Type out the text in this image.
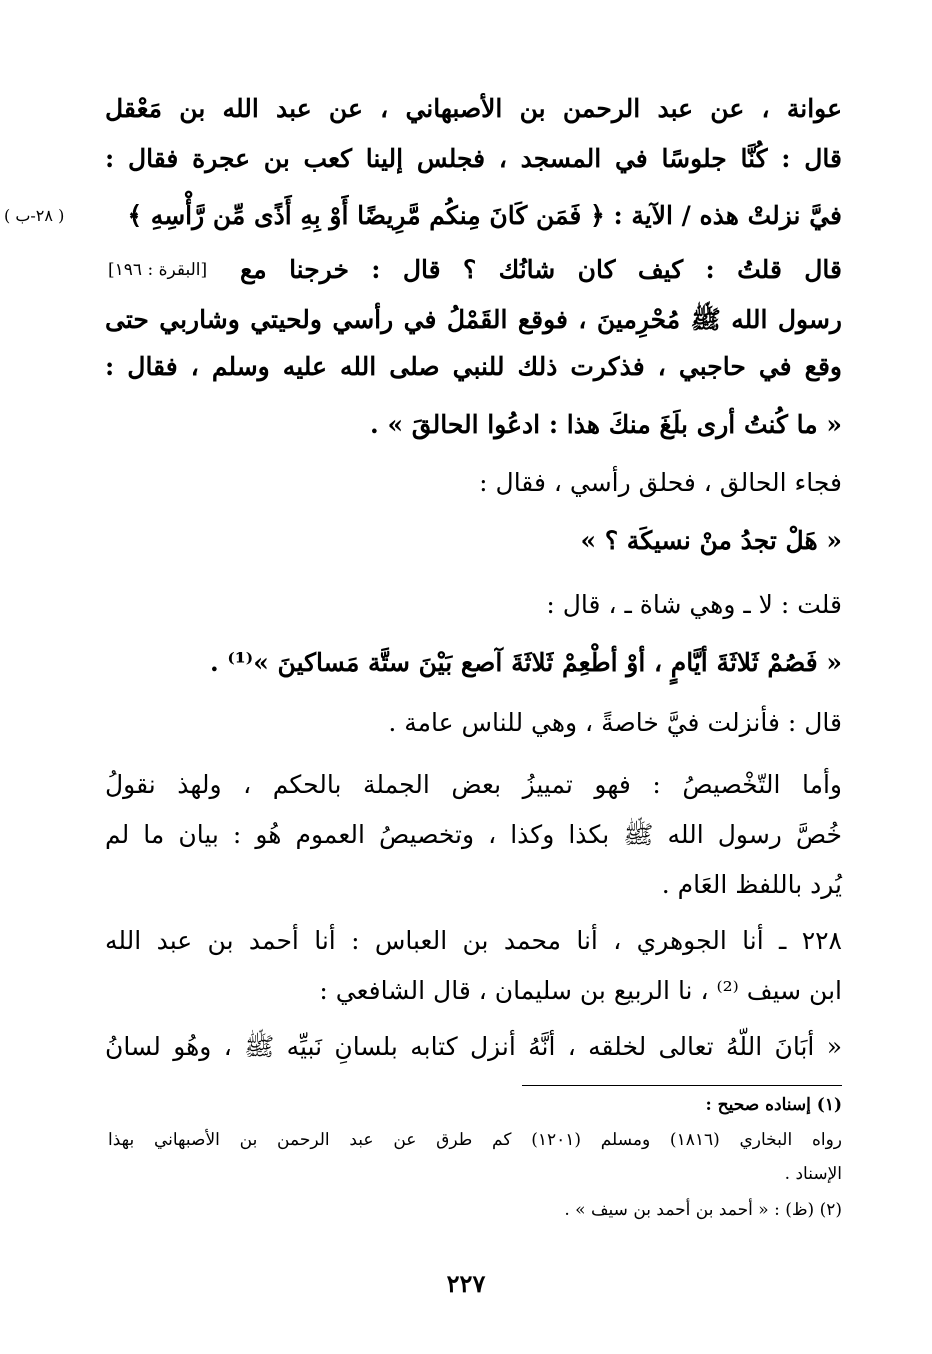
عوانة ، عن عبد الرحمن بن الأصبهاني ، عن عبد الله بن مَعْقل
قال : كُنَّا جلوسًا في المسجد ، فجلس إلينا كعب بن عجرة فقال :
( ٢٨-ب )	فيَّ نزلتْ هذه / الآية : ﴿ فَمَن كَانَ مِنكُم مَّرِيضًا أَوْ بِهِ أَذًى مِّن رَّأْسِهِ ﴾
[البقرة : ١٩٦] قال قلتُ : كيف كان شانُك ؟ قال : خرجنا مع
رسول الله ﷺ مُحْرِمينَ ، فوقع القَمْلُ في رأسي ولحيتي وشاربي حتى
وقع في حاجبي ، فذكرت ذلك للنبي صلى الله عليه وسلم ، فقال :
« ما كُنتُ أرى بلَغَ منكَ هذا : ادعُوا الحالقَ » .
فجاء الحالق ، فحلق رأسي ، فقال :
« هَلْ تجدُ منْ نسيكَة ؟ »
قلت : لا ـ وهي شاة ـ ، قال :
« فَصُمْ ثَلاثَةَ أيَّامٍ ، أوْ أطْعِمْ ثَلاثَةَ آصع بَيْنَ ستَّة مَساكينَ »⁽¹⁾ .
قال : فأنزلت فيَّ خاصةً ، وهي للناس عامة .
وأما التّخْصيصُ : فهو تمييزُ بعض الجملة بالحكم ، ولهذ نقولُ
خُصَّ رسول الله ﷺ بكذا وكذا ، وتخصيصُ العموم هُو : بيان ما لم
يُرد باللفظ العَام .
٢٢٨ ـ أنا الجوهري ، أنا محمد بن العباس : أنا أحمد بن عبد الله
ابن سيف ⁽²⁾ ، نا الربيع بن سليمان ، قال الشافعي :
« أبَانَ اللّهُ تعالى لخلقه ، أنَّهُ أنزل كتابه بلسانِ نَبيِّه ﷺ ، وهُو لسانُ
(١) إسناده صحيح :
رواه البخاري (١٨١٦) ومسلم (١٢٠١) كم طرق عن عبد الرحمن بن الأصبهاني بهذا
الإسناد .
(٢) (ظ) : « أحمد بن أحمد بن سيف » .
٢٢٧
